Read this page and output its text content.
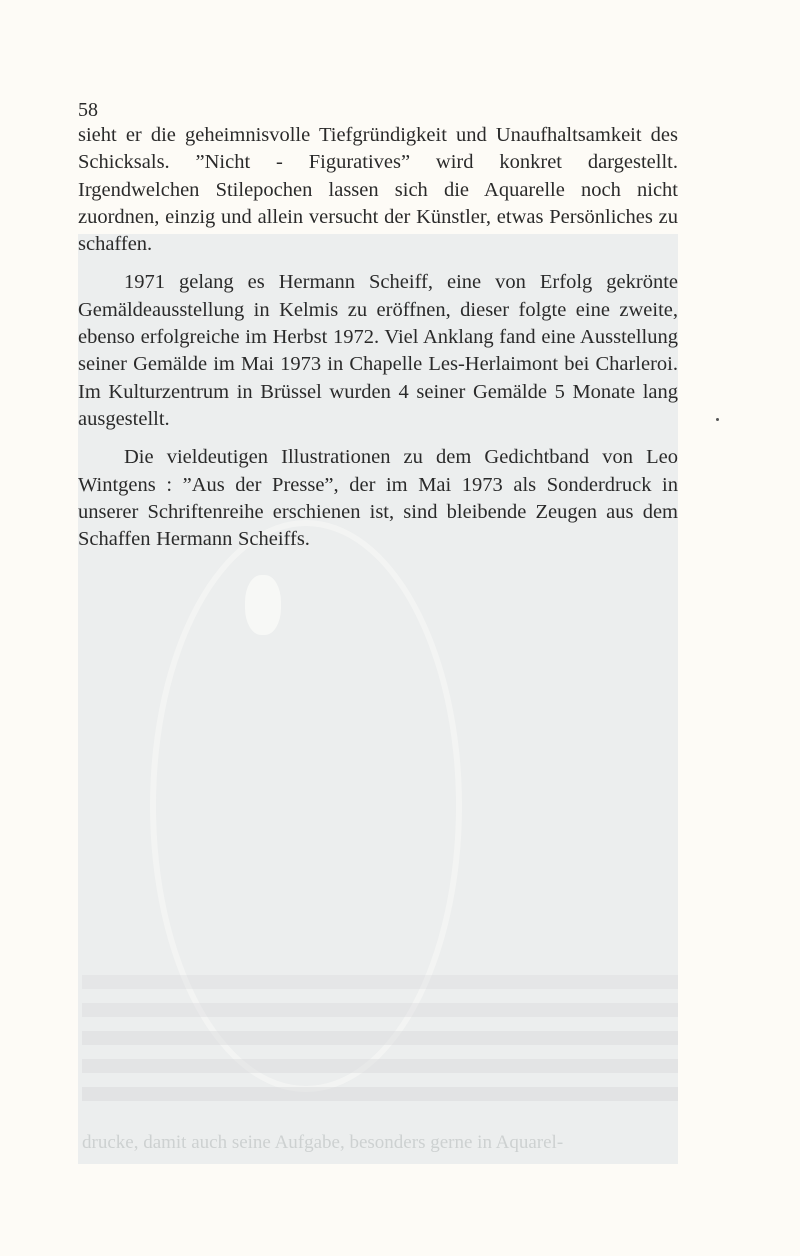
drucke, damit auch seine Aufgabe, besonders gerne in Aquarel-

58

sieht er die geheimnisvolle Tiefgründigkeit und Unaufhaltsamkeit des Schicksals. ”Nicht - Figuratives” wird konkret dargestellt. Irgendwelchen Stilepochen lassen sich die Aquarelle noch nicht zuordnen, einzig und allein versucht der Künstler, etwas Persönliches zu schaffen.

1971 gelang es Hermann Scheiff, eine von Erfolg gekrönte Gemäldeausstellung in Kelmis zu eröffnen, dieser folgte eine zweite, ebenso erfolgreiche im Herbst 1972. Viel Anklang fand eine Ausstellung seiner Gemälde im Mai 1973 in Chapelle Les-Herlaimont bei Charleroi. Im Kulturzentrum in Brüssel wurden 4 seiner Gemälde 5 Monate lang ausgestellt.

Die vieldeutigen Illustrationen zu dem Gedichtband von Leo Wintgens : ”Aus der Presse”, der im Mai 1973 als Sonderdruck in unserer Schriftenreihe erschienen ist, sind bleibende Zeugen aus dem Schaffen Hermann Scheiffs.
